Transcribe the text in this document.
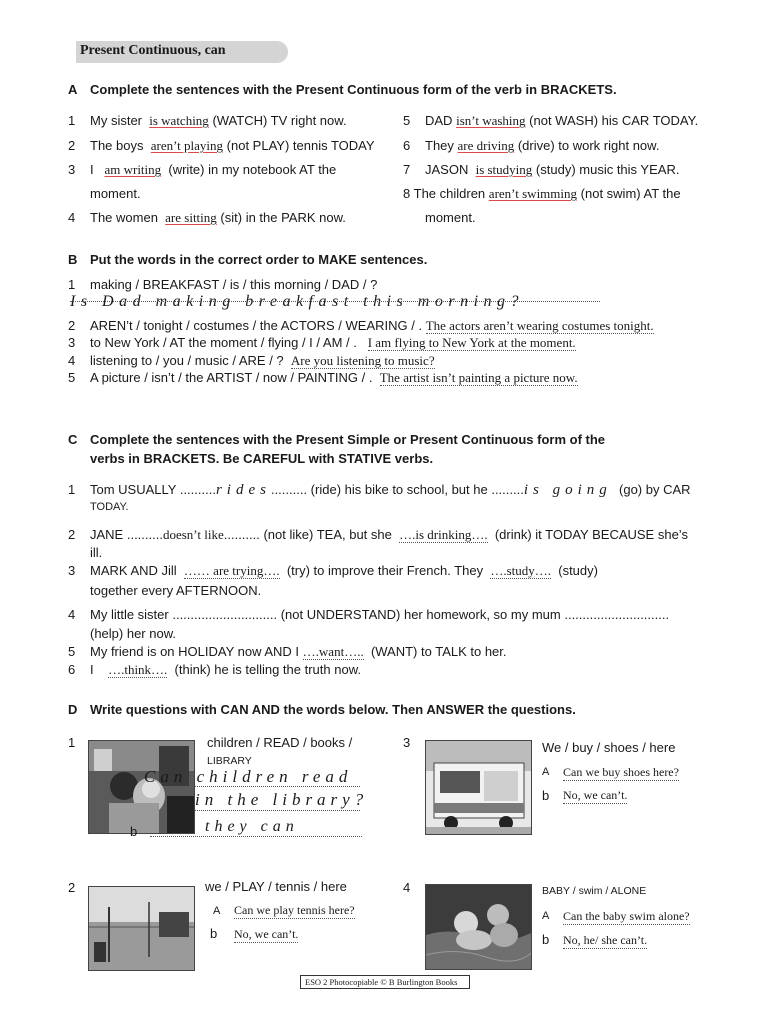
Present Continuous, can
A Complete the sentences with the Present Continuous form of the verb in BRACKETS.
1 My sister is watching (WATCH) TV right now.
2 The boys aren’t playing (not PLAY) tennis TODAY
3 I am writing (write) in my notebook AT the
moment.
4 The women are sitting (sit) in the PARK now.
5 DAD isn’t washing (not WASH) his CAR TODAY.
6 They are driving (drive) to work right now.
7 JASON is studying (study) music this YEAR.
8 The children aren’t swimming (not swim) AT the
moment.
B Put the words in the correct order to MAKE sentences.
1 making / BREAKFAST / is / this morning / DAD / ?
Is Dad making breakfast this morning?
2 AREN’t / tonight / costumes / the ACTORS / WEARING / . The actors aren’t wearing costumes tonight.
3 to New York / AT the moment / flying / I / AM / . I am flying to New York at the moment.
4 listening to / you / music / ARE / ? Are you listening to music?
5 A picture / isn’t / the ARTIST / now / PAINTING / . The artist isn’t painting a picture now.
C Complete the sentences with the Present Simple or Present Continuous form of the
verbs in BRACKETS. Be CAREFUL with STATIVE verbs.
1 Tom USUALLY ..........rides.......... (ride) his bike to school, but he .........is going (go) by CAR
TODAY.
2 JANE ..........doesn’t like.......... (not like) TEA, but she ….is drinking…. (drink) it TODAY BECAUSE she’s
ill.
3 MARK AND Jill …… are trying…. (try) to improve their French. They ….study…. (study)
together every AFTERNOON.
4 My little sister ............................. (not UNDERSTAND) her homework, so my mum .............................
(help) her now.
5 My friend is on HOLIDAY now AND I ….want….. (WANT) to TALK to her.
6 I ….think…. (think) he is telling the truth now.
D Write questions with CAN AND the words below. Then ANSWER the questions.
1	children / READ / books /
LIBRARY
Can children read
in the library?
b	they can
3	We / buy / shoes / here
A Can we buy shoes here?
b No, we can’t.
2	we / PLAY / tennis / here
A Can we play tennis here?
b No, we can’t.
4	BABY / swim / ALONE
A Can the baby swim alone?
b No, he/ she can’t.
ESO 2 Photocopiable © B Burlington Books
